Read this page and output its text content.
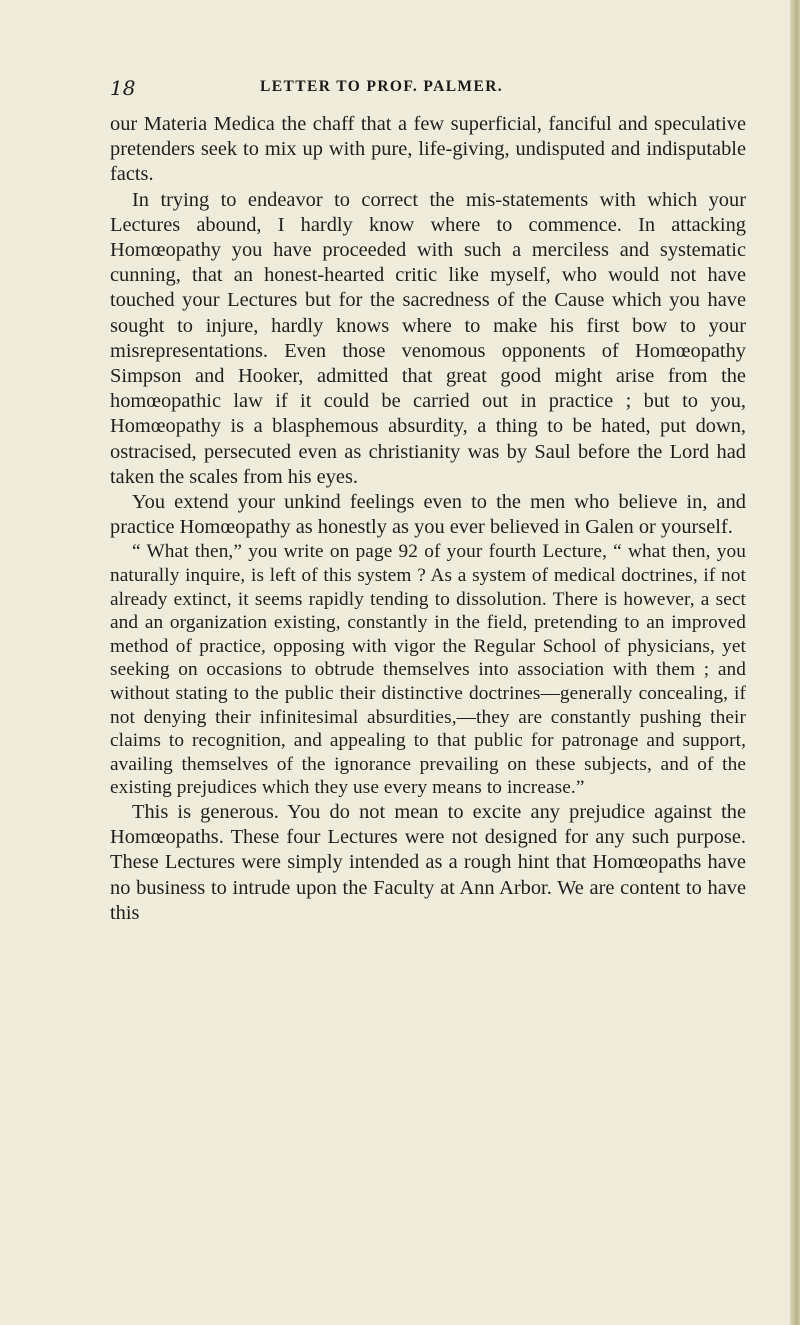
18	LETTER TO PROF. PALMER.

our Materia Medica the chaff that a few superficial, fanciful and speculative pretenders seek to mix up with pure, life-giving, undisputed and indisputable facts.

In trying to endeavor to correct the mis-statements with which your Lectures abound, I hardly know where to commence. In attacking Homœopathy you have proceeded with such a merciless and systematic cunning, that an honest-hearted critic like myself, who would not have touched your Lectures but for the sacredness of the Cause which you have sought to injure, hardly knows where to make his first bow to your misrepresentations. Even those venomous opponents of Homœopathy Simpson and Hooker, admitted that great good might arise from the homœopathic law if it could be carried out in practice ; but to you, Homœopathy is a blasphemous absurdity, a thing to be hated, put down, ostracised, persecuted even as christianity was by Saul before the Lord had taken the scales from his eyes.

You extend your unkind feelings even to the men who believe in, and practice Homœopathy as honestly as you ever believed in Galen or yourself.

“ What then,” you write on page 92 of your fourth Lecture, “ what then, you naturally inquire, is left of this system ? As a system of medical doctrines, if not already extinct, it seems rapidly tending to dissolution. There is however, a sect and an organization existing, constantly in the field, pretending to an improved method of practice, opposing with vigor the Regular School of physicians, yet seeking on occasions to obtrude themselves into association with them ; and without stating to the public their distinctive doctrines—generally concealing, if not denying their infinitesimal absurdities,—they are constantly pushing their claims to recognition, and appealing to that public for patronage and support, availing themselves of the ignorance prevailing on these subjects, and of the existing prejudices which they use every means to increase.”

This is generous. You do not mean to excite any prejudice against the Homœopaths. These four Lectures were not designed for any such purpose. These Lectures were simply intended as a rough hint that Homœopaths have no business to intrude upon the Faculty at Ann Arbor. We are content to have this
